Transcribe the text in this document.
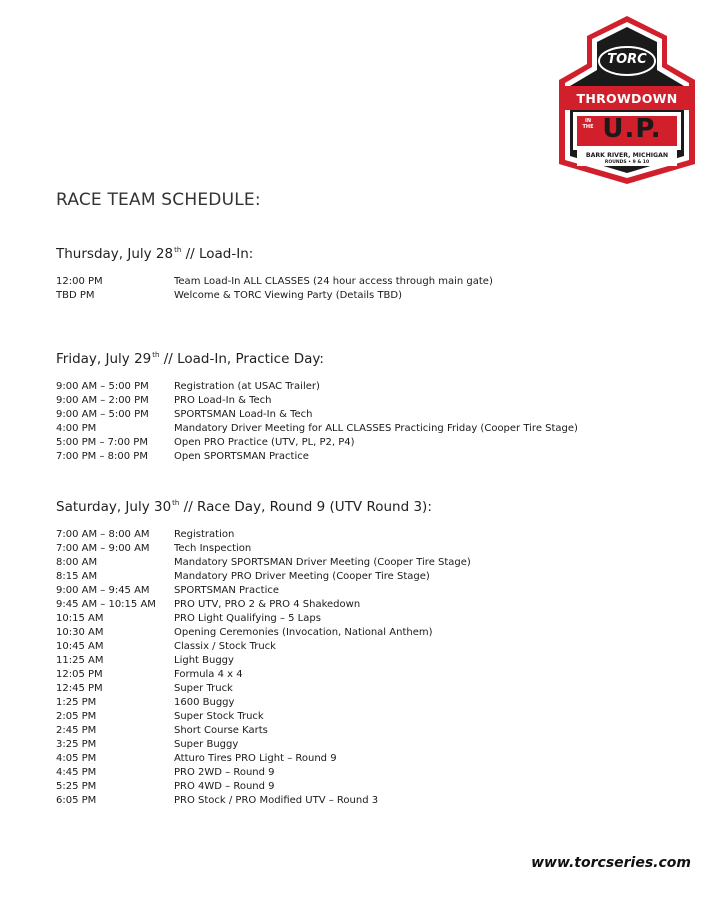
TORC
THROWDOWN
IN THE U.P.
BARK RIVER, MICHIGAN
ROUNDS • 9 & 10
RACE TEAM SCHEDULE:
Thursday, July 28th // Load-In:
12:00 PM	Team Load-In ALL CLASSES (24 hour access through main gate)
TBD PM	Welcome & TORC Viewing Party (Details TBD)
Friday, July 29th // Load-In, Practice Day:
9:00 AM – 5:00 PM	Registration (at USAC Trailer)
9:00 AM – 2:00 PM	PRO Load-In & Tech
9:00 AM – 5:00 PM	SPORTSMAN Load-In & Tech
4:00 PM	Mandatory Driver Meeting for ALL CLASSES Practicing Friday (Cooper Tire Stage)
5:00 PM – 7:00 PM	Open PRO Practice (UTV, PL, P2, P4)
7:00 PM – 8:00 PM	Open SPORTSMAN Practice
Saturday, July 30th // Race Day, Round 9 (UTV Round 3):
7:00 AM – 8:00 AM	Registration
7:00 AM – 9:00 AM	Tech Inspection
8:00 AM	Mandatory SPORTSMAN Driver Meeting (Cooper Tire Stage)
8:15 AM	Mandatory PRO Driver Meeting (Cooper Tire Stage)
9:00 AM – 9:45 AM	SPORTSMAN Practice
9:45 AM – 10:15 AM	PRO UTV, PRO 2 & PRO 4 Shakedown
10:15 AM	PRO Light Qualifying – 5 Laps
10:30 AM	Opening Ceremonies (Invocation, National Anthem)
10:45 AM	Classix / Stock Truck
11:25 AM	Light Buggy
12:05 PM	Formula 4 x 4
12:45 PM	Super Truck
1:25 PM	1600 Buggy
2:05 PM	Super Stock Truck
2:45 PM	Short Course Karts
3:25 PM	Super Buggy
4:05 PM	Atturo Tires PRO Light – Round 9
4:45 PM	PRO 2WD – Round 9
5:25 PM	PRO 4WD – Round 9
6:05 PM	PRO Stock / PRO Modified UTV – Round 3
www.torcseries.com
